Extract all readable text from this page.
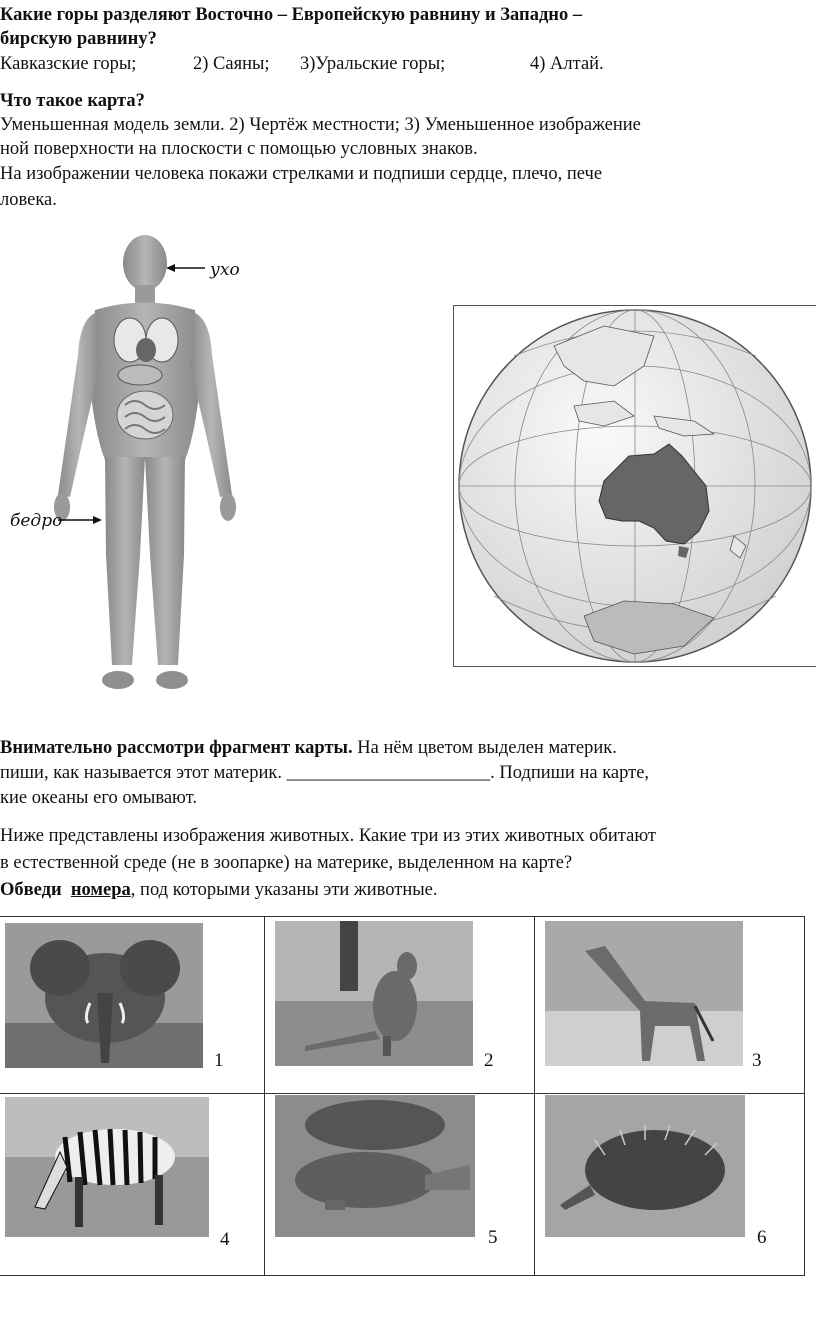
Какие горы разделяют Восточно – Европейскую равнину и Западно –
бирскую равнину?
Кавказские горы;	2) Саяны; 3)Уральские горы;	4) Алтай.
Что такое карта?
Уменьшенная модель земли. 2) Чертёж местности; 3) Уменьшенное изображение
ной поверхности на плоскости с помощью условных знаков.
На изображении человека покажи стрелками и подпиши сердце, плечо, пече
ловека.
ухо
бедро
Внимательно рассмотри фрагмент карты. На нём цветом выделен материк.
пиши, как называется этот материк. ______________________. Подпиши на карте,
кие океаны его омывают.
Ниже представлены изображения животных. Какие три из этих животных обитают
в естественной среде (не в зоопарке) на материке, выделенном на карте?
Обведи номера, под которыми указаны эти животные.
1	2	3
4	5	6
